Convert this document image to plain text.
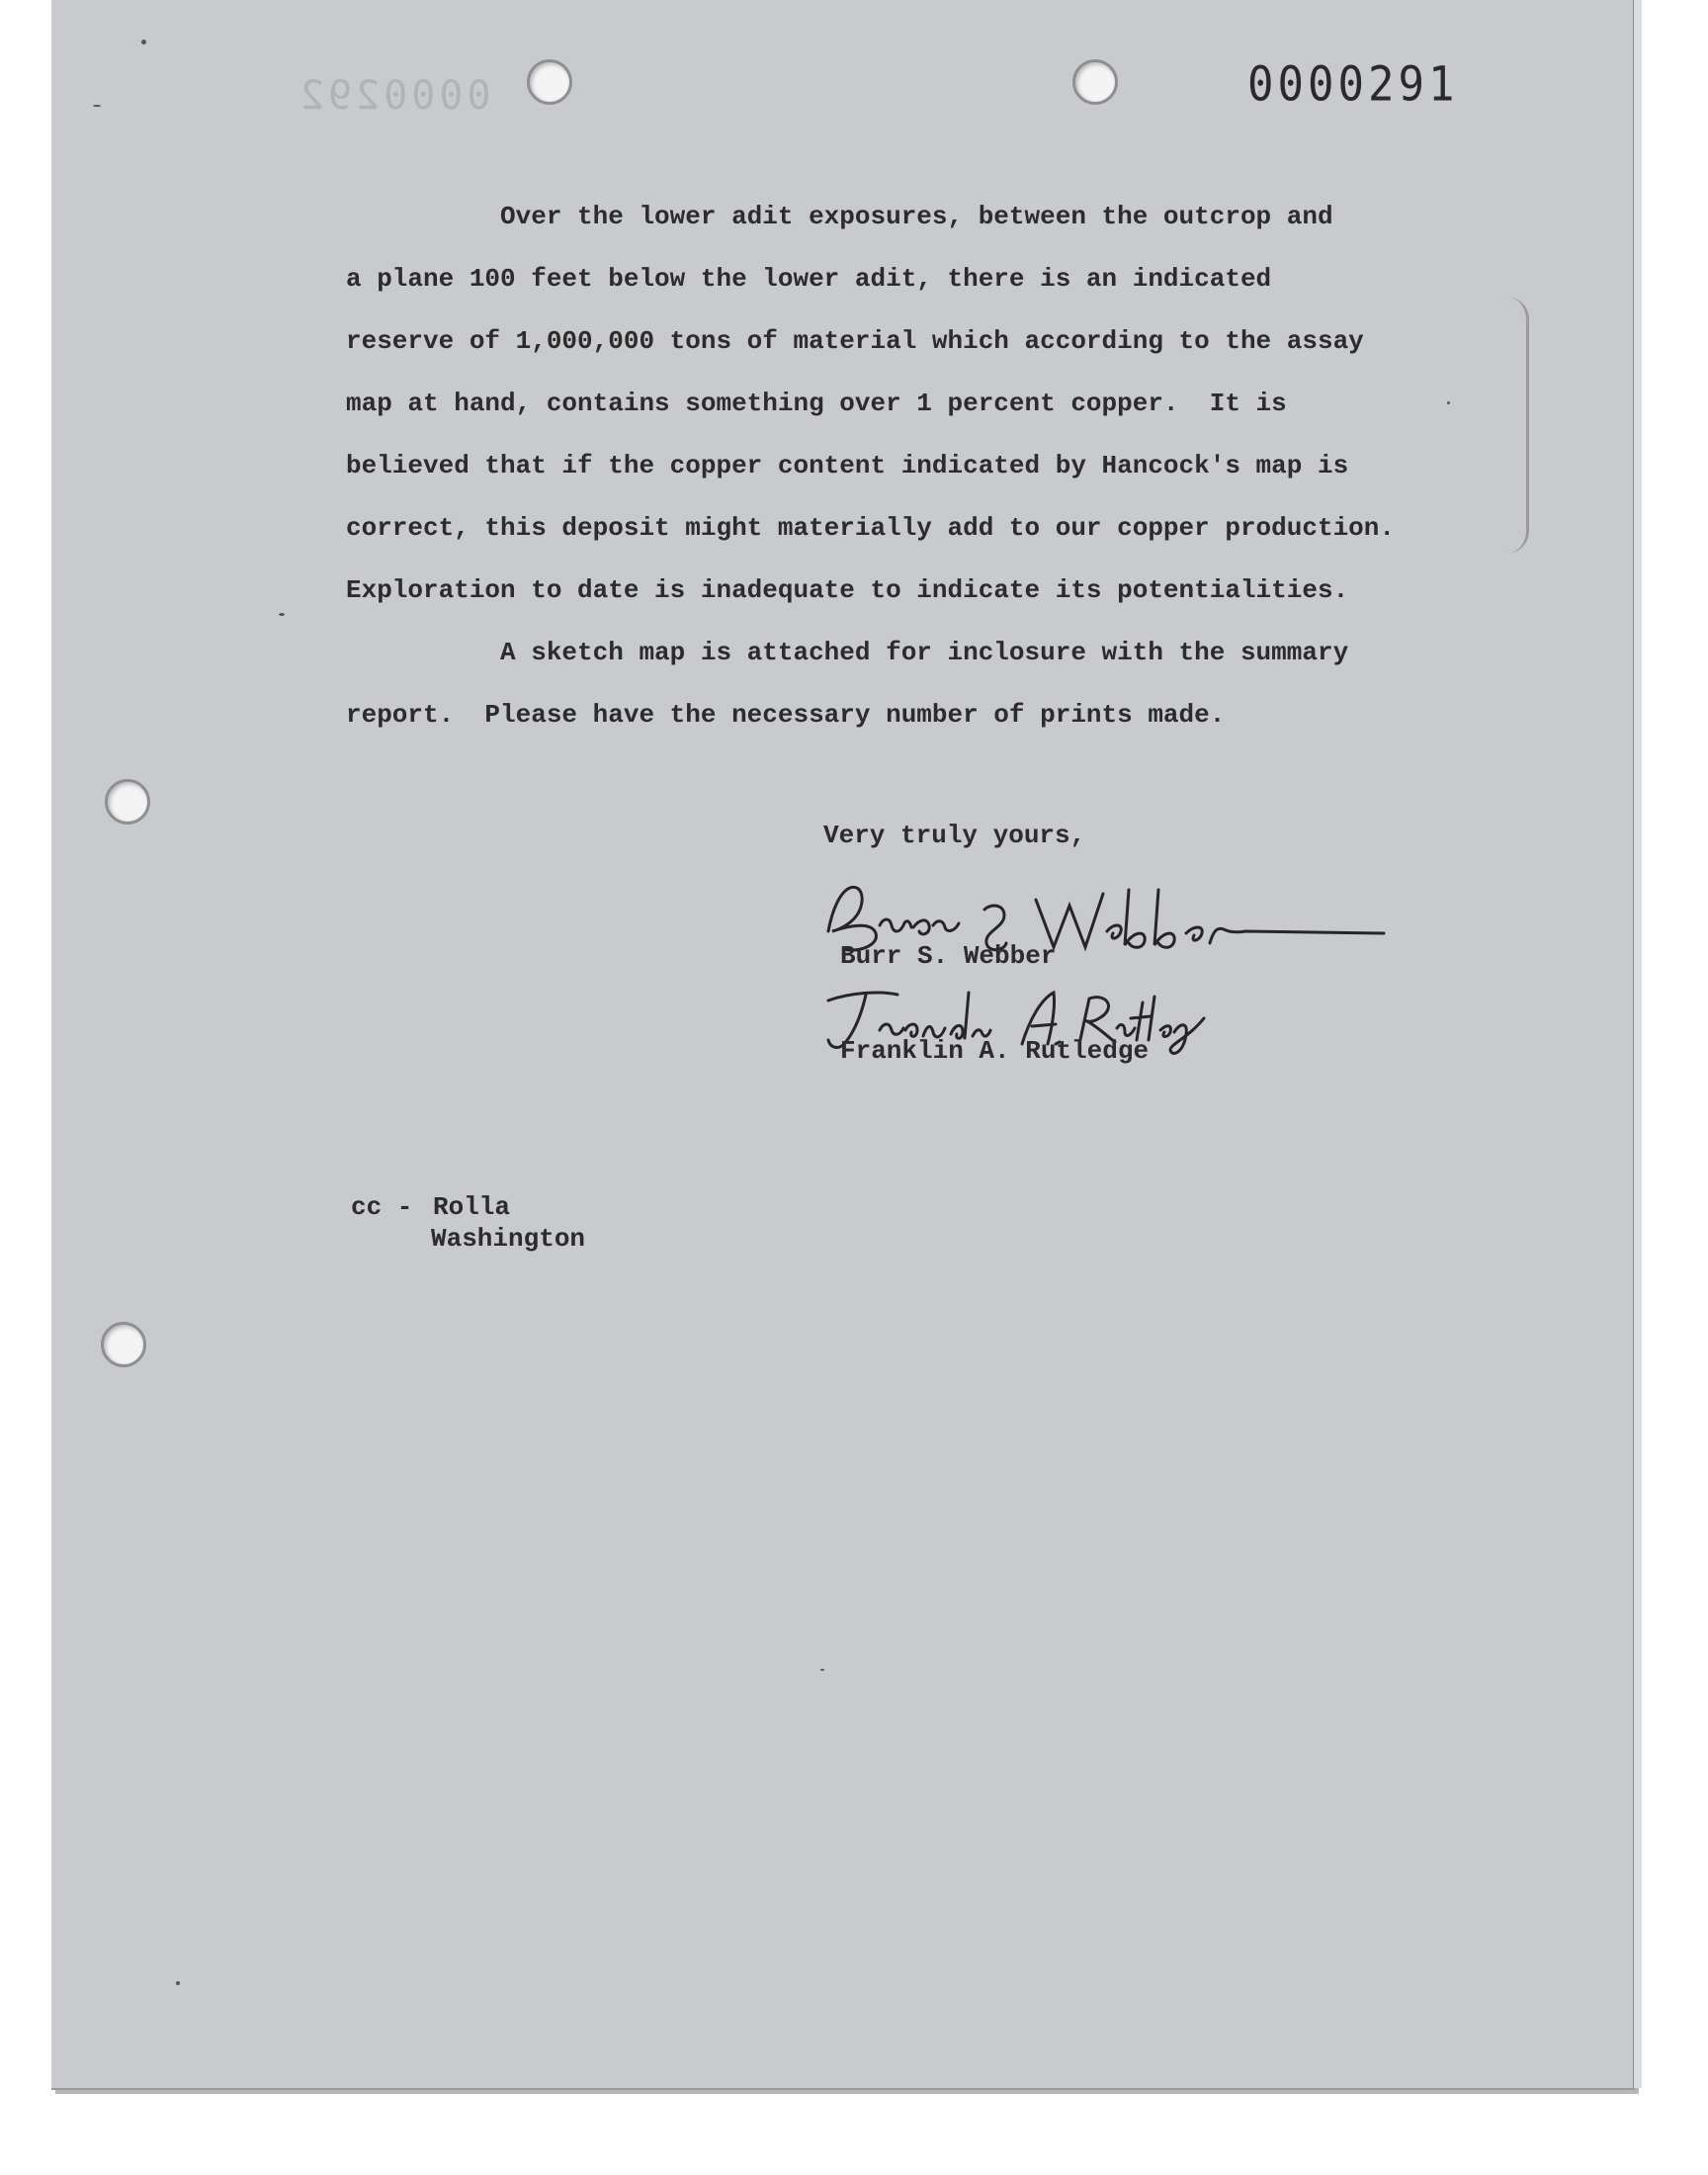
0000292	0000291
Over the lower adit exposures, between the outcrop and
a plane 100 feet below the lower adit, there is an indicated
reserve of 1,000,000 tons of material which according to the assay
map at hand, contains something over 1 percent copper.  It is
believed that if the copper content indicated by Hancock's map is
correct, this deposit might materially add to our copper production.
Exploration to date is inadequate to indicate its potentialities.
A sketch map is attached for inclosure with the summary
report.  Please have the necessary number of prints made.
Very truly yours,
Burr S. Webber
Franklin A. Rutledge
cc - Rolla
Washington
